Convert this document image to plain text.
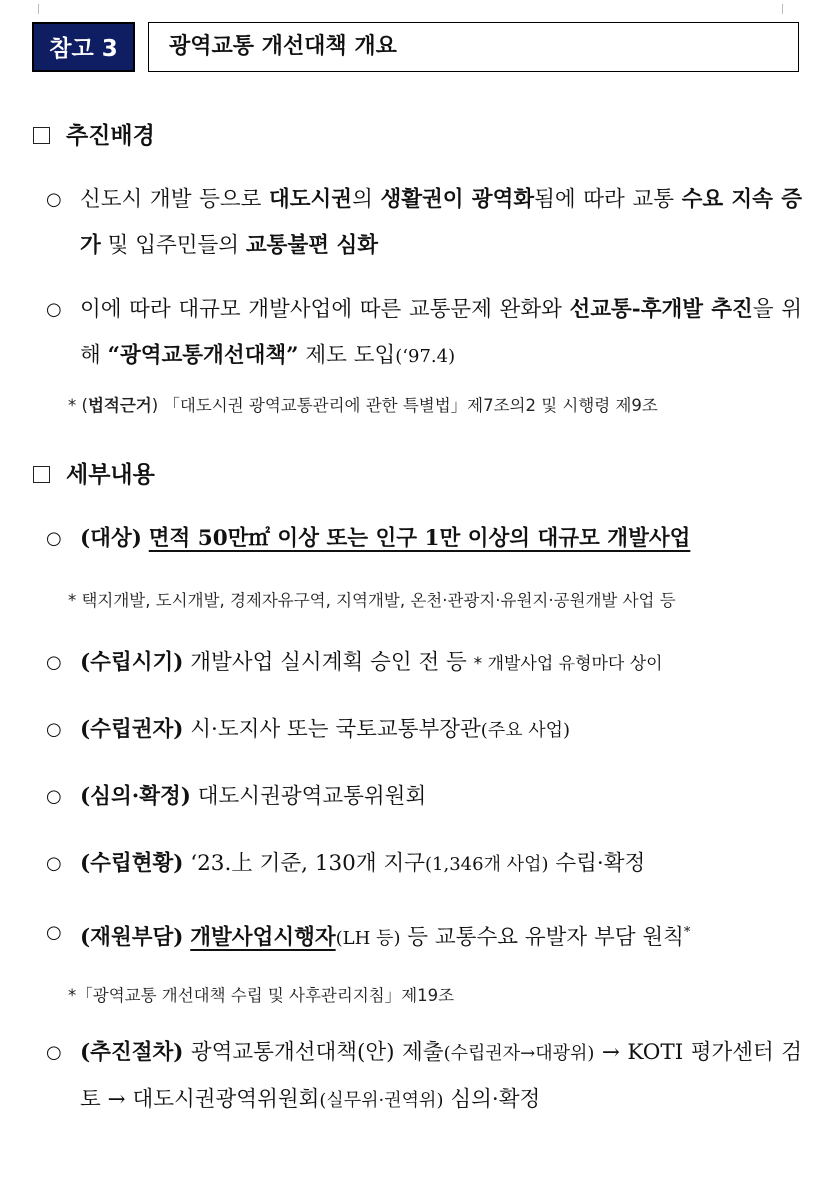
참고 3	광역교통 개선대책 개요
추진배경
○ 신도시 개발 등으로 대도시권의 생활권이 광역화됨에 따라 교통 수요 지속 증가 및 입주민들의 교통불편 심화
○ 이에 따라 대규모 개발사업에 따른 교통문제 완화와 선교통-후개발 추진을 위해 “광역교통개선대책” 제도 도입(‘97.4)
* (법적근거) 「대도시권 광역교통관리에 관한 특별법」제7조의2 및 시행령 제9조
세부내용
○ (대상) 면적 50만㎡ 이상 또는 인구 1만 이상의 대규모 개발사업
* 택지개발, 도시개발, 경제자유구역, 지역개발, 온천·관광지·유원지·공원개발 사업 등
○ (수립시기) 개발사업 실시계획 승인 전 등 * 개발사업 유형마다 상이
○ (수립권자) 시·도지사 또는 국토교통부장관(주요 사업)
○ (심의·확정) 대도시권광역교통위원회
○ (수립현황) ‘23.上 기준, 130개 지구(1,346개 사업) 수립·확정
○ (재원부담) 개발사업시행자(LH 등) 등 교통수요 유발자 부담 원칙*
*「광역교통 개선대책 수립 및 사후관리지침」제19조
○ (추진절차) 광역교통개선대책(안) 제출(수립권자→대광위) → KOTI 평가센터 검토 → 대도시권광역위원회(실무위·권역위) 심의·확정
